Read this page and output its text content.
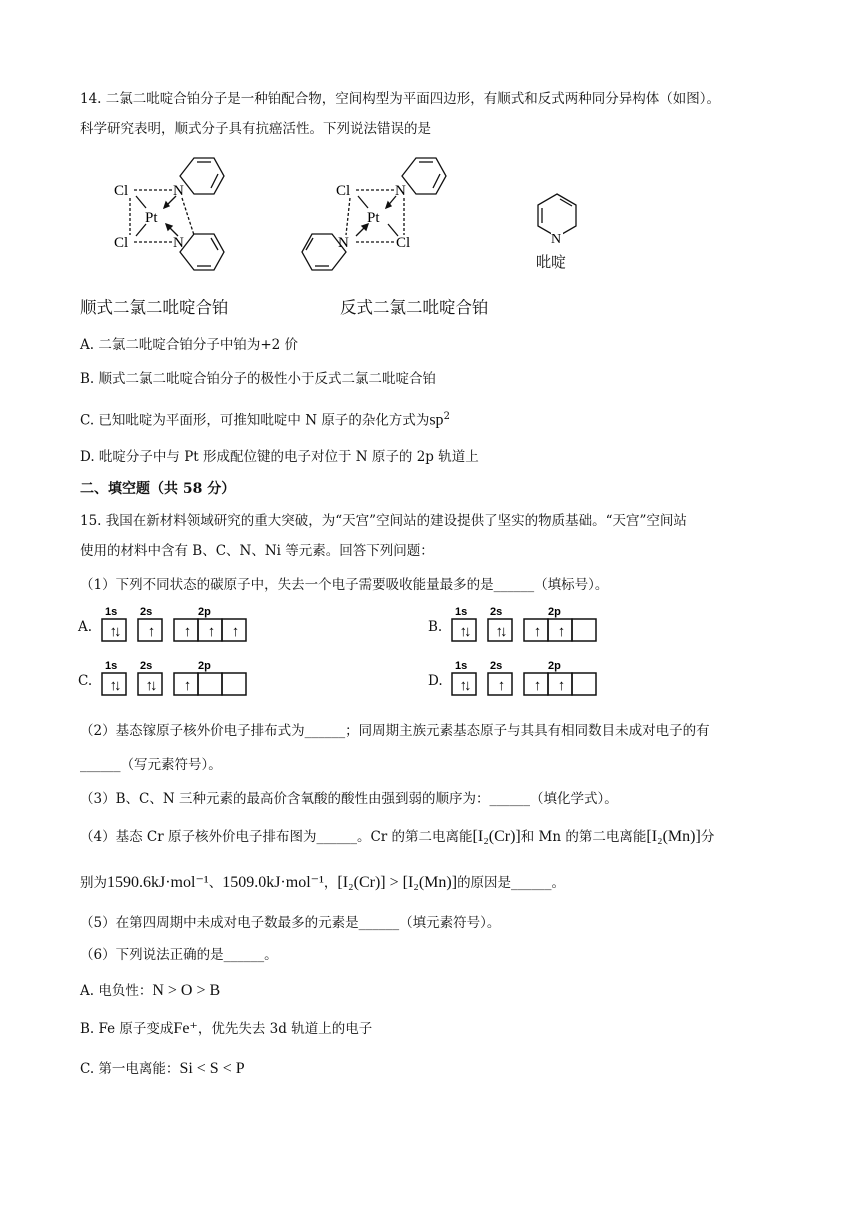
14. 二氯二吡啶合铂分子是一种铂配合物，空间构型为平面四边形，有顺式和反式两种同分异构体（如图）。
科学研究表明，顺式分子具有抗癌活性。下列说法错误的是
Cl
Cl
Pt
N
N
Cl
Cl
Pt
N
N	N
顺式二氯二吡啶合铂	反式二氯二吡啶合铂
吡啶
A. 二氯二吡啶合铂分子中铂为+2 价
B. 顺式二氯二吡啶合铂分子的极性小于反式二氯二吡啶合铂
C. 已知吡啶为平面形，可推知吡啶中 N 原子的杂化方式为$sp^2$
D. 吡啶分子中与 Pt 形成配位键的电子对位于 N 原子的 2p 轨道上
二、填空题（共 58 分）
15. 我国在新材料领域研究的重大突破，为“天宫”空间站的建设提供了坚实的物质基础。“天宫”空间站
使用的材料中含有 B、C、N、Ni 等元素。回答下列问题：
（1）下列不同状态的碳原子中，失去一个电子需要吸收能量最多的是______（填标号）。
A.
1s 2s	2p
↑↓ ↑ ↑ ↑ ↑	B.
1s 2s	2p
↑↓ ↑↓ ↑ ↑
C.
1s 2s	2p
↑↓ ↑↓ ↑	D.
1s 2s	2p
↑↓ ↑ ↑ ↑
（2）基态镓原子核外价电子排布式为______；同周期主族元素基态原子与其具有相同数目未成对电子的有
______（写元素符号）。
（3）B、C、N 三种元素的最高价含氧酸的酸性由强到弱的顺序为：______（填化学式）。
（4）基态 Cr 原子核外价电子排布图为______。Cr 的第二电离能[I₂(Cr)]和 Mn 的第二电离能[I₂(Mn)]分
别为1590.6kJ·mol⁻¹、1509.0kJ·mol⁻¹，[I₂(Cr)] > [I₂(Mn)]的原因是______。
（5）在第四周期中未成对电子数最多的元素是______（填元素符号）。
（6）下列说法正确的是______。
A. 电负性：N > O > B
B. Fe 原子变成Fe⁺，优先失去 3d 轨道上的电子
C. 第一电离能：Si < S < P
